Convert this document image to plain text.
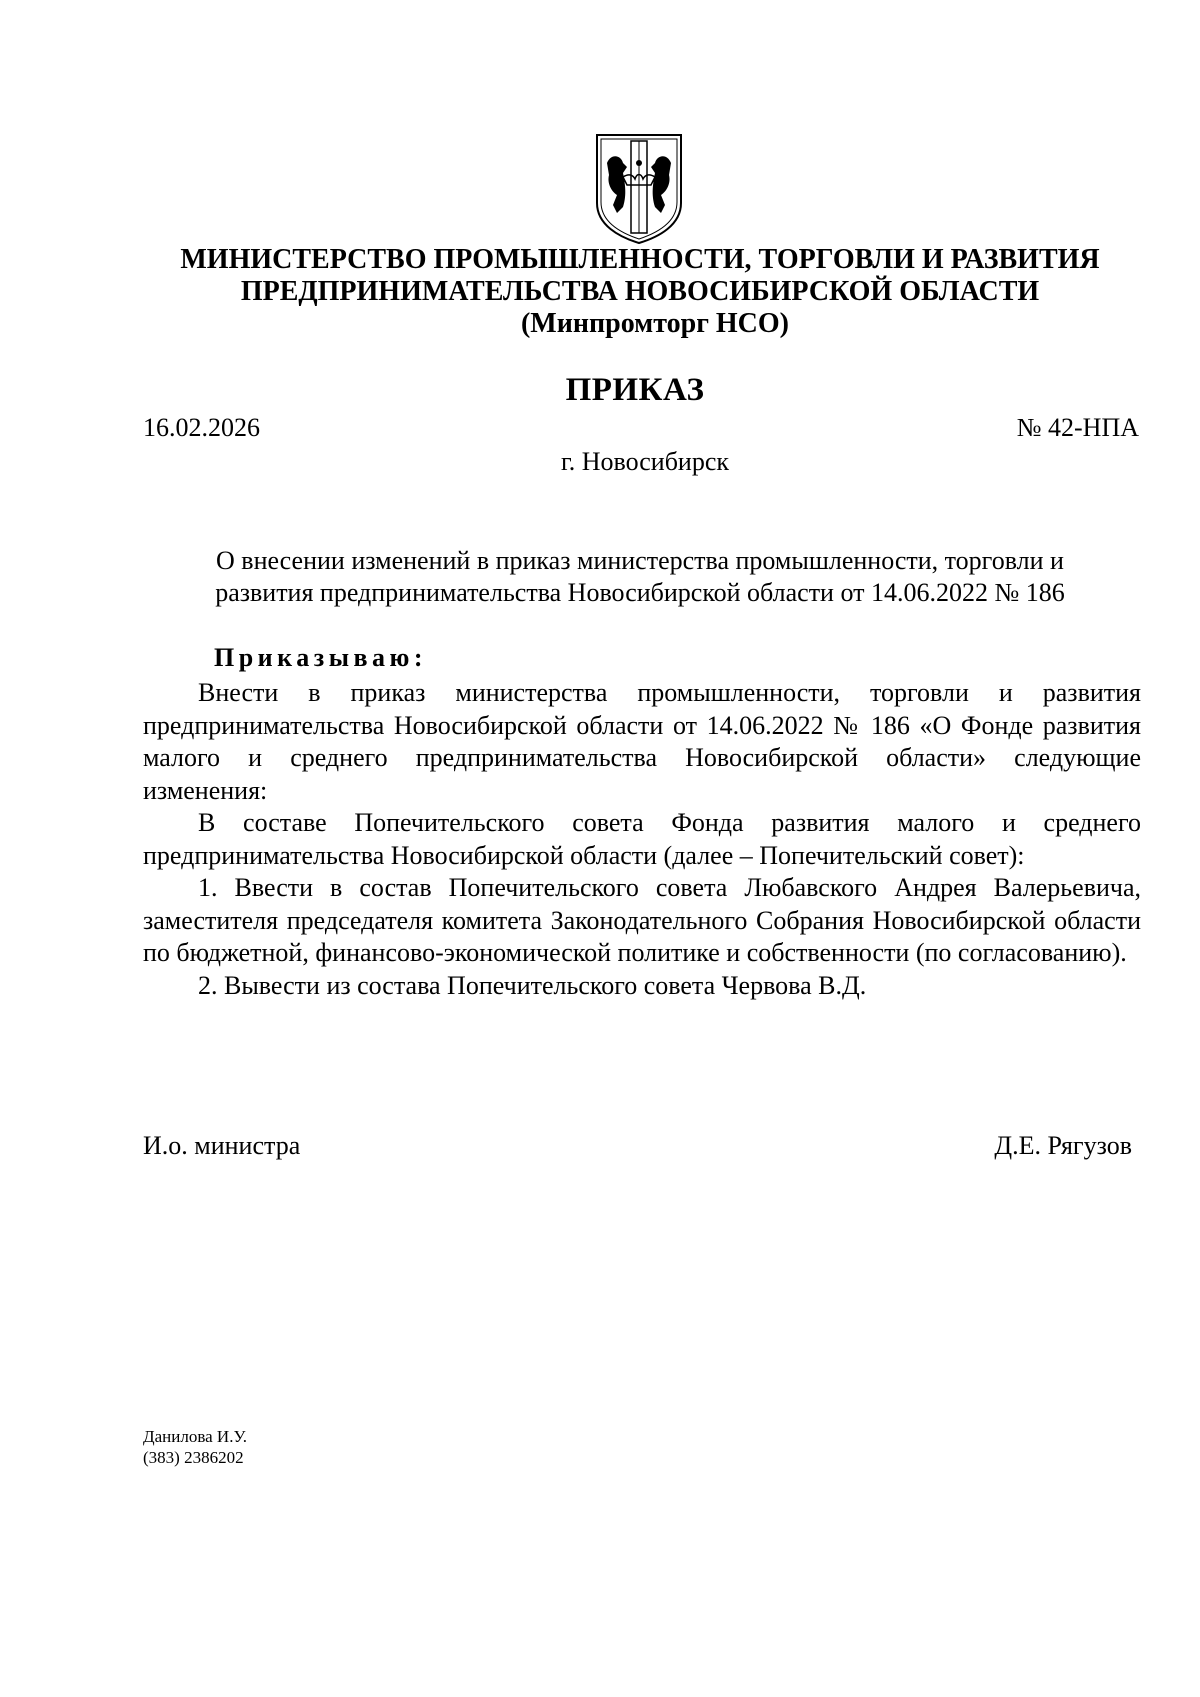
МИНИСТЕРСТВО ПРОМЫШЛЕННОСТИ, ТОРГОВЛИ И РАЗВИТИЯ
ПРЕДПРИНИМАТЕЛЬСТВА НОВОСИБИРСКОЙ ОБЛАСТИ
(Минпромторг НСО)
ПРИКАЗ
16.02.2026	№ 42-НПА
г. Новосибирск
О внесении изменений в приказ министерства промышленности, торговли и
развития предпринимательства Новосибирской области от 14.06.2022 № 186
Приказываю:

Внести в приказ министерства промышленности, торговли и развития предпринимательства Новосибирской области от 14.06.2022 № 186 «О Фонде развития малого и среднего предпринимательства Новосибирской области» следующие изменения:

В составе Попечительского совета Фонда развития малого и среднего предпринимательства Новосибирской области (далее – Попечительский совет):

1. Ввести в состав Попечительского совета Любавского Андрея Валерьевича, заместителя председателя комитета Законодательного Собрания Новосибирской области по бюджетной, финансово-экономической политике и собственности (по согласованию).

2. Вывести из состава Попечительского совета Червова В.Д.

И.о. министра	Д.Е. Рягузов
Данилова И.У.
(383) 2386202
